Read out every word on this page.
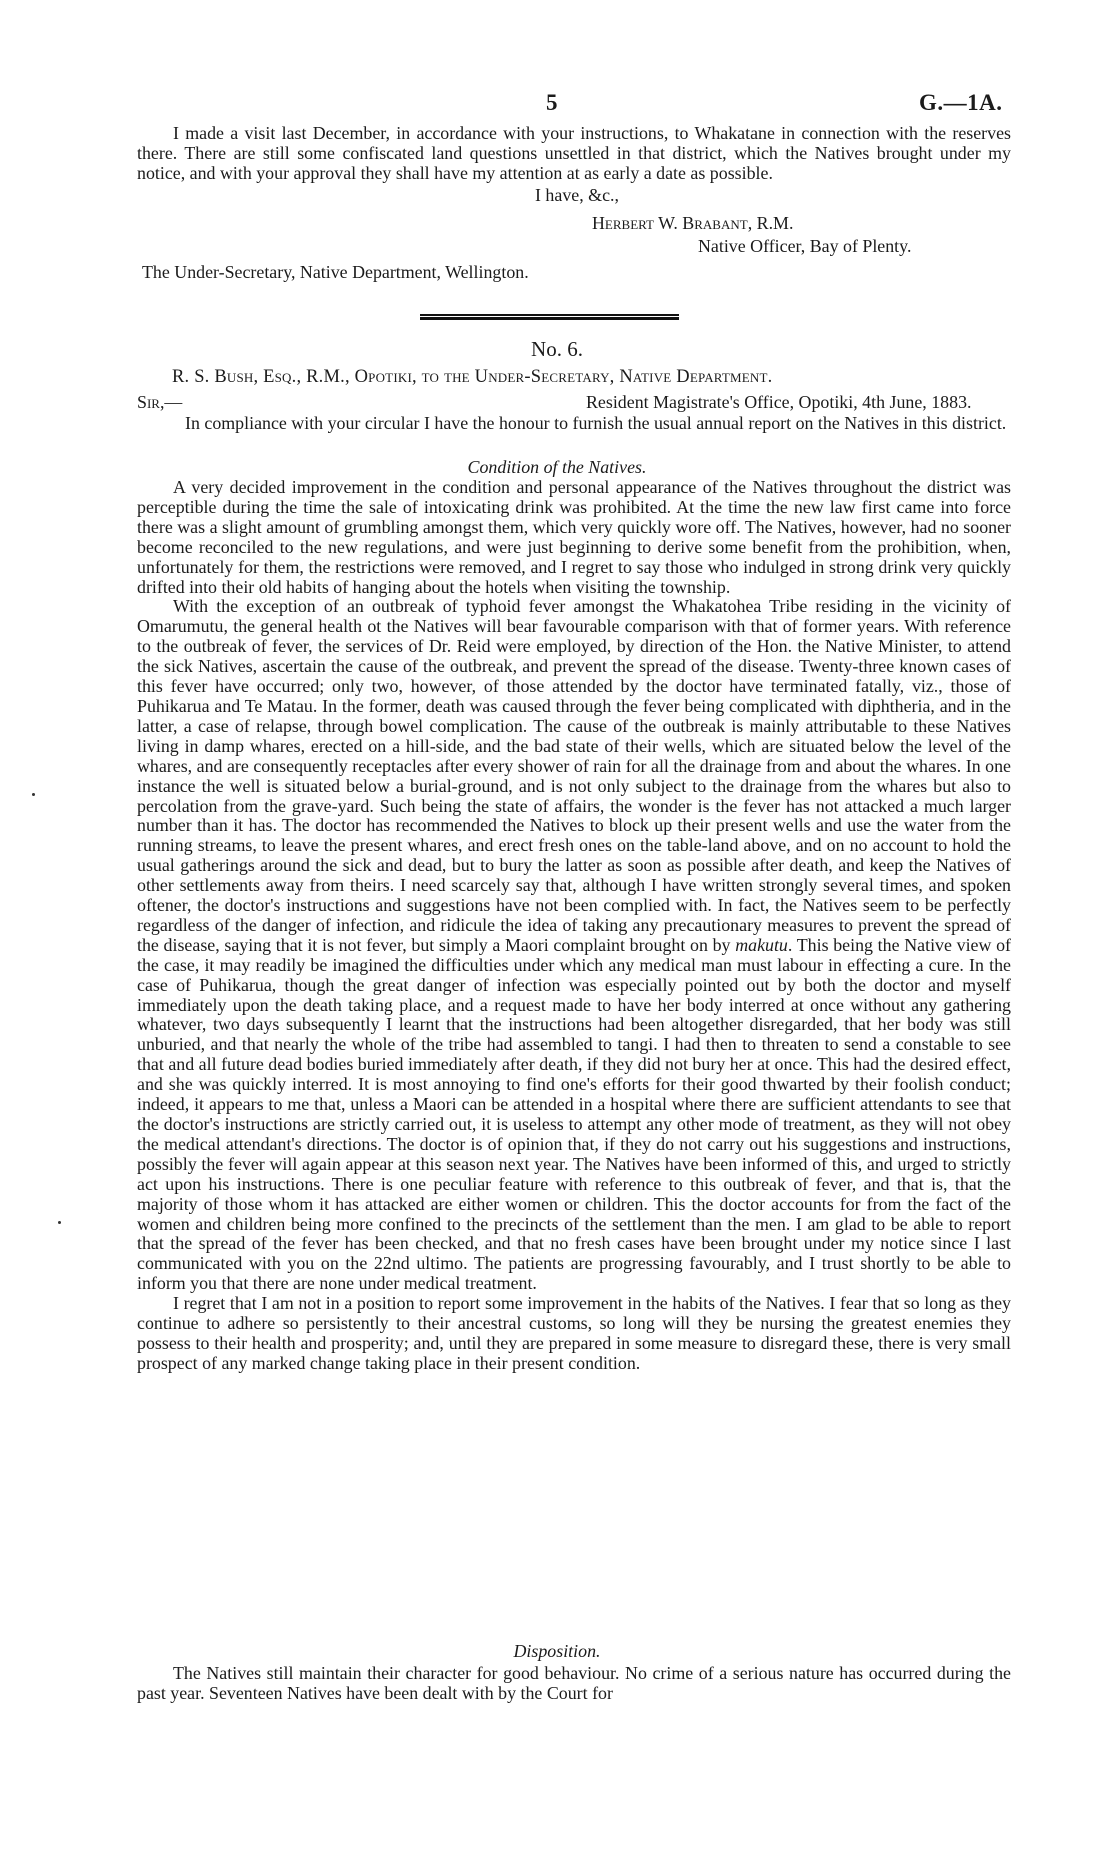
5	G.—1A.

I made a visit last December, in accordance with your instructions, to Whakatane in connection with the reserves there. There are still some confiscated land questions unsettled in that district, which the Natives brought under my notice, and with your approval they shall have my attention at as early a date as possible.

I have, &c.,
Herbert W. Brabant, R.M.
Native Officer, Bay of Plenty.
The Under-Secretary, Native Department, Wellington.
No. 6.
R. S. Bush, Esq., R.M., Opotiki, to the Under-Secretary, Native Department.
Sir,—	Resident Magistrate's Office, Opotiki, 4th June, 1883.

In compliance with your circular I have the honour to furnish the usual annual report on the Natives in this district.

Condition of the Natives.

A very decided improvement in the condition and personal appearance of the Natives throughout the district was perceptible during the time the sale of intoxicating drink was prohibited. At the time the new law first came into force there was a slight amount of grumbling amongst them, which very quickly wore off. The Natives, however, had no sooner become reconciled to the new regulations, and were just beginning to derive some benefit from the prohibition, when, unfortunately for them, the restrictions were removed, and I regret to say those who indulged in strong drink very quickly drifted into their old habits of hanging about the hotels when visiting the township.

With the exception of an outbreak of typhoid fever amongst the Whakatohea Tribe residing in the vicinity of Omarumutu, the general health ot the Natives will bear favourable comparison with that of former years. With reference to the outbreak of fever, the services of Dr. Reid were employed, by direction of the Hon. the Native Minister, to attend the sick Natives, ascertain the cause of the outbreak, and prevent the spread of the disease. Twenty-three known cases of this fever have occurred; only two, however, of those attended by the doctor have terminated fatally, viz., those of Puhikarua and Te Matau. In the former, death was caused through the fever being complicated with diphtheria, and in the latter, a case of relapse, through bowel complication. The cause of the outbreak is mainly attributable to these Natives living in damp whares, erected on a hill-side, and the bad state of their wells, which are situated below the level of the whares, and are consequently receptacles after every shower of rain for all the drainage from and about the whares. In one instance the well is situated below a burial-ground, and is not only subject to the drainage from the whares but also to percolation from the grave-yard. Such being the state of affairs, the wonder is the fever has not attacked a much larger number than it has. The doctor has recommended the Natives to block up their present wells and use the water from the running streams, to leave the present whares, and erect fresh ones on the table-land above, and on no account to hold the usual gatherings around the sick and dead, but to bury the latter as soon as possible after death, and keep the Natives of other settlements away from theirs. I need scarcely say that, although I have written strongly several times, and spoken oftener, the doctor's instructions and suggestions have not been complied with. In fact, the Natives seem to be perfectly regardless of the danger of infection, and ridicule the idea of taking any precautionary measures to prevent the spread of the disease, saying that it is not fever, but simply a Maori complaint brought on by makutu. This being the Native view of the case, it may readily be imagined the difficulties under which any medical man must labour in effecting a cure. In the case of Puhikarua, though the great danger of infection was especially pointed out by both the doctor and myself immediately upon the death taking place, and a request made to have her body interred at once without any gathering whatever, two days subsequently I learnt that the instructions had been altogether disregarded, that her body was still unburied, and that nearly the whole of the tribe had assembled to tangi. I had then to threaten to send a constable to see that and all future dead bodies buried immediately after death, if they did not bury her at once. This had the desired effect, and she was quickly interred. It is most annoying to find one's efforts for their good thwarted by their foolish conduct; indeed, it appears to me that, unless a Maori can be attended in a hospital where there are sufficient attendants to see that the doctor's instructions are strictly carried out, it is useless to attempt any other mode of treatment, as they will not obey the medical attendant's directions. The doctor is of opinion that, if they do not carry out his suggestions and instructions, possibly the fever will again appear at this season next year. The Natives have been informed of this, and urged to strictly act upon his instructions. There is one peculiar feature with reference to this outbreak of fever, and that is, that the majority of those whom it has attacked are either women or children. This the doctor accounts for from the fact of the women and children being more confined to the precincts of the settlement than the men. I am glad to be able to report that the spread of the fever has been checked, and that no fresh cases have been brought under my notice since I last communicated with you on the 22nd ultimo. The patients are progressing favourably, and I trust shortly to be able to inform you that there are none under medical treatment.

I regret that I am not in a position to report some improvement in the habits of the Natives. I fear that so long as they continue to adhere so persistently to their ancestral customs, so long will they be nursing the greatest enemies they possess to their health and prosperity; and, until they are prepared in some measure to disregard these, there is very small prospect of any marked change taking place in their present condition.

Disposition.

The Natives still maintain their character for good behaviour. No crime of a serious nature has occurred during the past year. Seventeen Natives have been dealt with by the Court for
